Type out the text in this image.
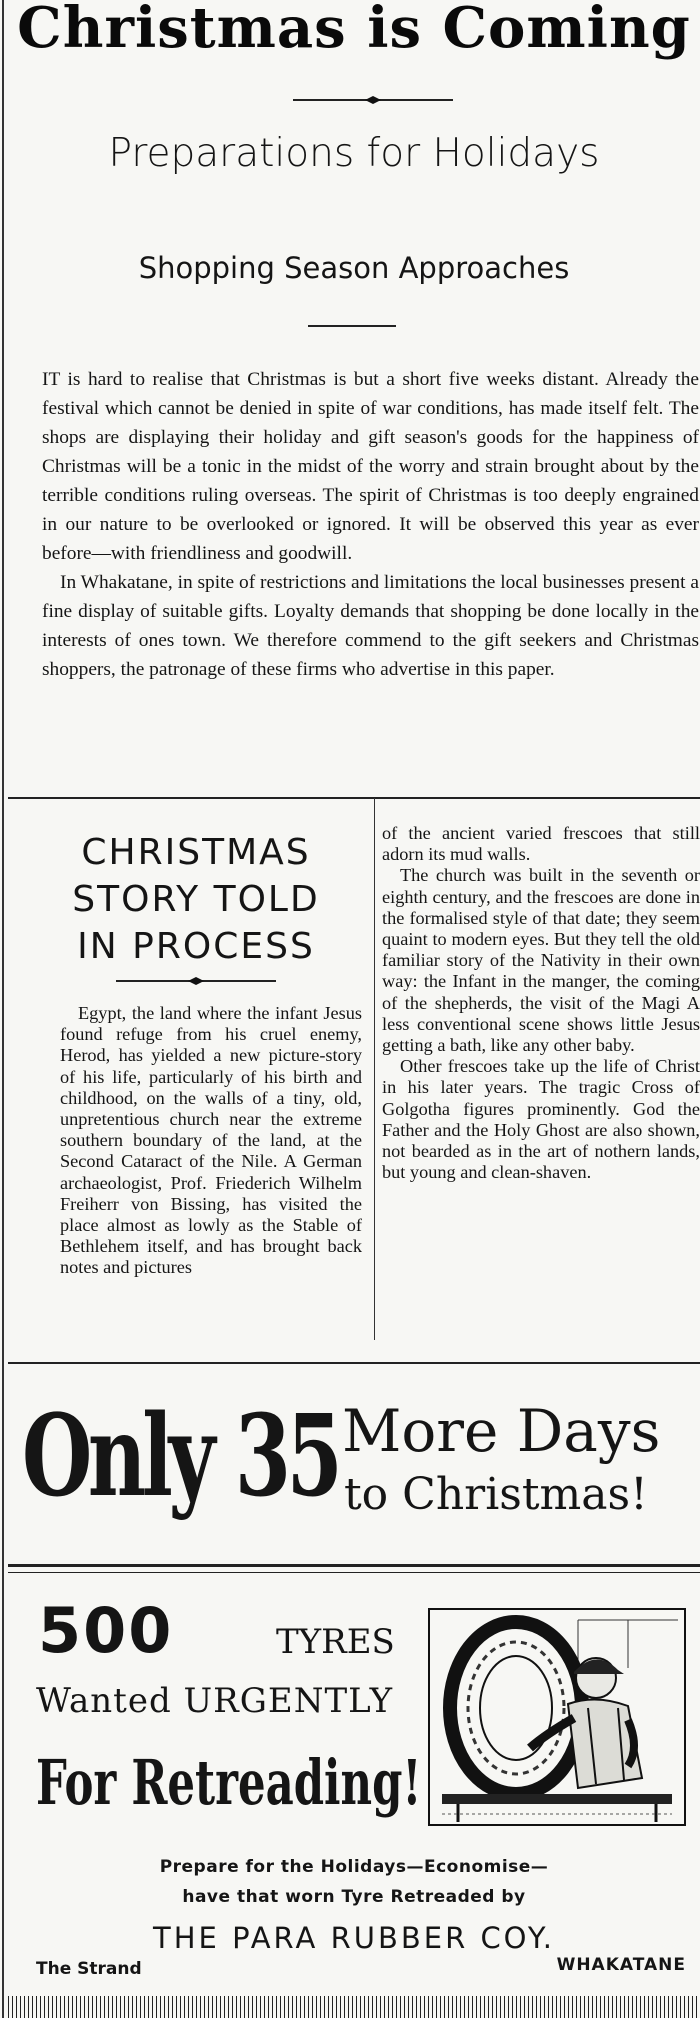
Christmas is Coming
Preparations for Holidays
Shopping Season Approaches

IT is hard to realise that Christmas is but a short five weeks distant. Already the festival which cannot be denied in spite of war conditions, has made itself felt. The shops are displaying their holiday and gift season's goods for the happiness of Christmas will be a tonic in the midst of the worry and strain brought about by the terrible conditions ruling overseas. The spirit of Christmas is too deeply engrained in our nature to be overlooked or ignored. It will be observed this year as ever before—with friendliness and goodwill.

In Whakatane, in spite of restrictions and limitations the local businesses present a fine display of suitable gifts. Loyalty demands that shopping be done locally in the interests of ones town. We therefore commend to the gift seekers and Christmas shoppers, the patronage of these firms who advertise in this paper.

CHRISTMAS
STORY TOLD
IN PROCESS

Egypt, the land where the infant Jesus found refuge from his cruel enemy, Herod, has yielded a new picture-story of his life, particularly of his birth and childhood, on the walls of a tiny, old, unpretentious church near the extreme southern boundary of the land, at the Second Cataract of the Nile. A German archaeologist, Prof. Friederich Wilhelm Freiherr von Bissing, has visited the place almost as lowly as the Stable of Bethlehem itself, and has brought back notes and pictures

of the ancient varied frescoes that still adorn its mud walls.

The church was built in the seventh or eighth century, and the frescoes are done in the formalised style of that date; they seem quaint to modern eyes. But they tell the old familiar story of the Nativity in their own way: the Infant in the manger, the coming of the shepherds, the visit of the Magi A less conventional scene shows little Jesus getting a bath, like any other baby.

Other frescoes take up the life of Christ in his later years. The tragic Cross of Golgotha figures prominently. God the Father and the Holy Ghost are also shown, not bearded as in the art of nothern lands, but young and clean-shaven.

Only 35 More Days
to Christmas!
500	TYRES
Wanted URGENTLY
For Retreading!
Prepare for the Holidays—Economise—
have that worn Tyre Retreaded by
THE PARA RUBBER COY.
The Strand	WHAKATANE
